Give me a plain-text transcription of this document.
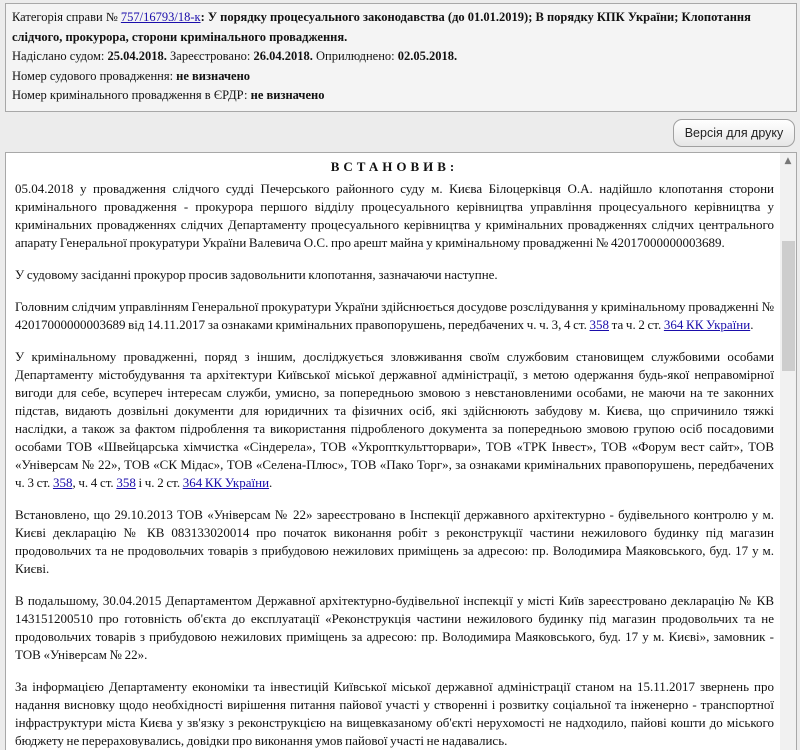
Категорія справи № 757/16793/18-к: У порядку процесуального законодавства (до 01.01.2019); В порядку КПК України; Клопотання слідчого, прокурора, сторони кримінального провадження.
Надіслано судом: 25.04.2018. Зареєстровано: 26.04.2018. Оприлюднено: 02.05.2018.
Номер судового провадження: не визначено
Номер кримінального провадження в ЄРДР: не визначено
Версія для друку
ВСТАНОВИВ:

05.04.2018 у провадження слідчого судді Печерського районного суду м. Києва Білоцерківця О.А. надійшло клопотання сторони кримінального провадження - прокурора першого відділу процесуального керівництва управління процесуального керівництва у кримінальних провадженнях слідчих Департаменту процесуального керівництва у кримінальних провадженнях слідчих центрального апарату Генеральної прокуратури України Валевича О.С. про арешт майна у кримінальному провадженні № 42017000000003689.

У судовому засіданні прокурор просив задовольнити клопотання, зазначаючи наступне.

Головним слідчим управлінням Генеральної прокуратури України здійснюється досудове розслідування у кримінальному провадженні № 42017000000003689 від 14.11.2017 за ознаками кримінальних правопорушень, передбачених ч. ч. 3, 4 ст. 358 та ч. 2 ст. 364 КК України.

У кримінальному провадженні, поряд з іншим, досліджується зловживання своїм службовим становищем службовими особами Департаменту містобудування та архітектури Київської міської державної адміністрації, з метою одержання будь-якої неправомірної вигоди для себе, всупереч інтересам служби, умисно, за попередньою змовою з невстановленими особами, не маючи на те законних підстав, видають дозвільні документи для юридичних та фізичних осіб, які здійснюють забудову м. Києва, що спричинило тяжкі наслідки, а також за фактом підроблення та використання підробленого документа за попередньою змовою групою осіб посадовими особами ТОВ «Швейцарська хімчистка «Сіндерела», ТОВ «Укропткультторвари», ТОВ «ТРК Інвест», ТОВ «Форум вест сайт», ТОВ «Універсам № 22», ТОВ «СК Мідас», ТОВ «Селена-Плюс», ТОВ «Пако Торг», за ознаками кримінальних правопорушень, передбачених ч. 3 ст. 358, ч. 4 ст. 358 і ч. 2 ст. 364 КК України.

Встановлено, що 29.10.2013 ТОВ «Універсам № 22» зареєстровано в Інспекції державного архітектурно - будівельного контролю у м. Києві декларацію № КВ 083133020014 про початок виконання робіт з реконструкції частини нежилового будинку під магазин продовольчих та не продовольчих товарів з прибудовою нежилових приміщень за адресою: пр. Володимира Маяковського, буд. 17 у м. Києві.

В подальшому, 30.04.2015 Департаментом Державної архітектурно-будівельної інспекції у місті Київ зареєстровано декларацію № КВ 143151200510 про готовність об'єкта до експлуатації «Реконструкція частини нежилового будинку під магазин продовольчих та не продовольчих товарів з прибудовою нежилових приміщень за адресою: пр. Володимира Маяковського, буд. 17 у м. Києві», замовник - ТОВ «Універсам № 22».

За інформацією Департаменту економіки та інвестицій Київської міської державної адміністрації станом на 15.11.2017 звернень про надання висновку щодо необхідності вирішення питання пайової участі у створенні і розвитку соціальної та інженерно - транспортної інфраструктури міста Києва у зв'язку з реконструкцією на вищевказаному об'єкті нерухомості не надходило, пайові кошти до міського бюджету не перераховувались, довідки про виконання умов пайової участі не надавались.

▲
